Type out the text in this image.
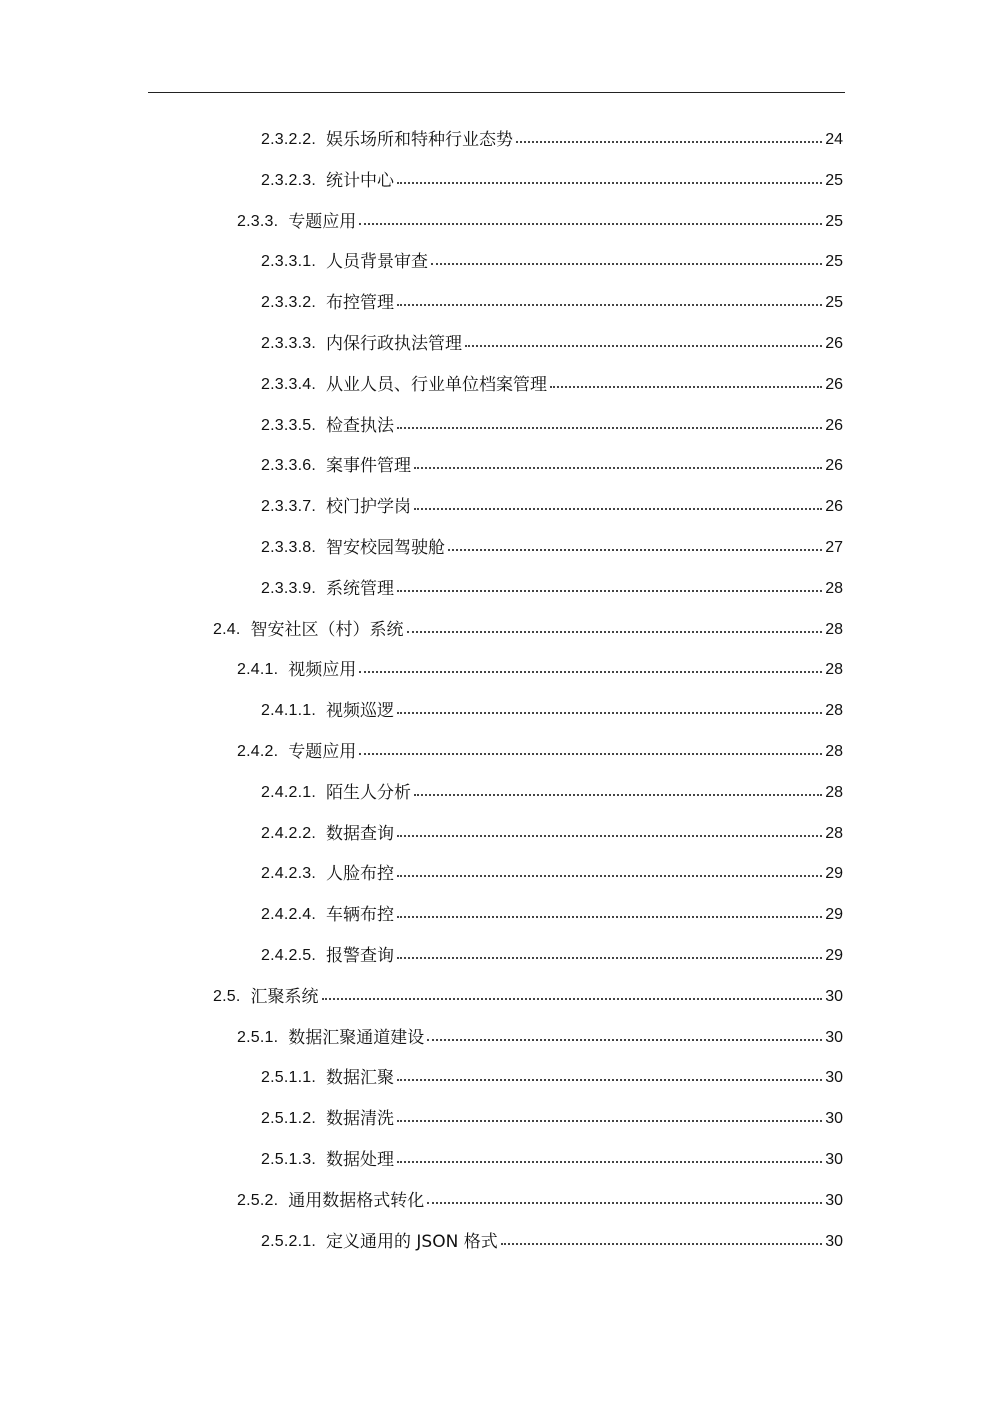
2.3.2.2. 娱乐场所和特种行业态势	24
2.3.2.3. 统计中心	25
2.3.3. 专题应用	25
2.3.3.1. 人员背景审查	25
2.3.3.2. 布控管理	25
2.3.3.3. 内保行政执法管理	26
2.3.3.4. 从业人员、行业单位档案管理	26
2.3.3.5. 检查执法	26
2.3.3.6. 案事件管理	26
2.3.3.7. 校门护学岗	26
2.3.3.8. 智安校园驾驶舱	27
2.3.3.9. 系统管理	28
2.4. 智安社区（村）系统	28
2.4.1. 视频应用	28
2.4.1.1. 视频巡逻	28
2.4.2. 专题应用	28
2.4.2.1. 陌生人分析	28
2.4.2.2. 数据查询	28
2.4.2.3. 人脸布控	29
2.4.2.4. 车辆布控	29
2.4.2.5. 报警查询	29
2.5. 汇聚系统	30
2.5.1. 数据汇聚通道建设	30
2.5.1.1. 数据汇聚	30
2.5.1.2. 数据清洗	30
2.5.1.3. 数据处理	30
2.5.2. 通用数据格式转化	30
2.5.2.1. 定义通用的 JSON 格式	30
